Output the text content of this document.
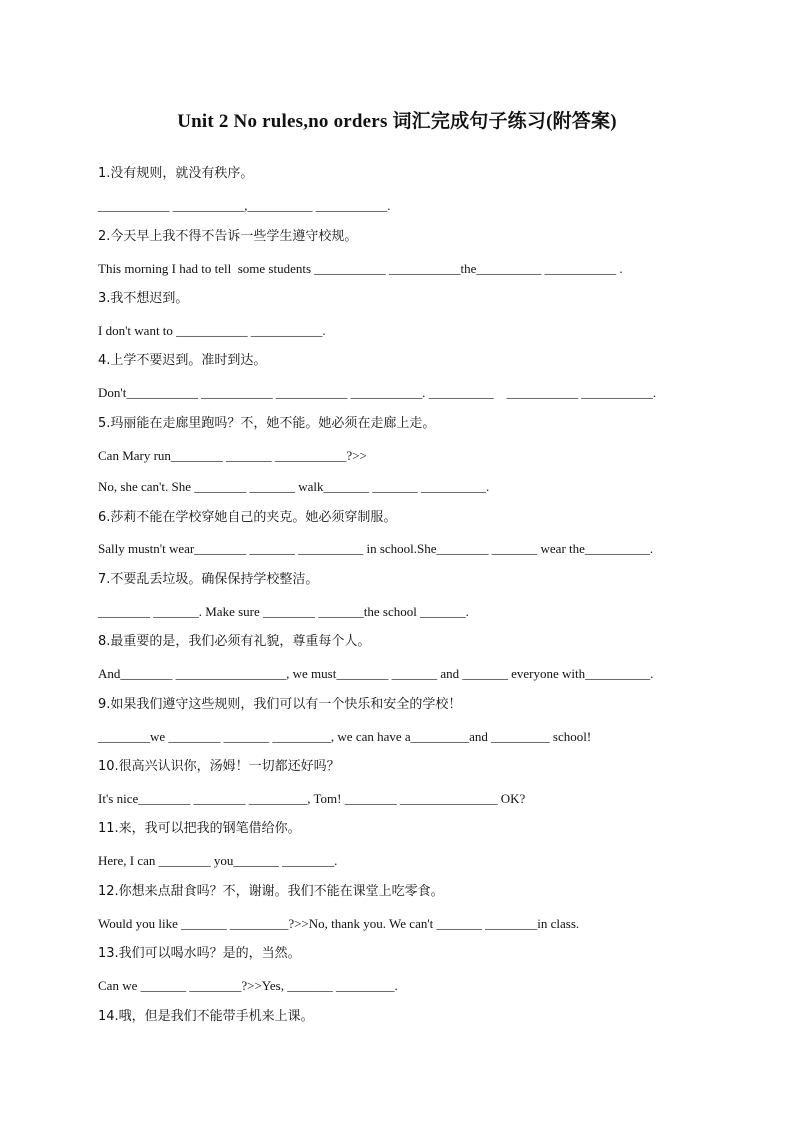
Unit 2 No rules,no orders 词汇完成句子练习(附答案)
1.没有规则，就没有秩序。
___________ ___________,__________ ___________.
2.今天早上我不得不告诉一些学生遵守校规。
This morning I had to tell  some students ___________ ___________the__________ ___________ .
3.我不想迟到。
I don't want to ___________ ___________.
4.上学不要迟到。准时到达。
Don't___________ ___________ ___________ ___________. __________    ___________ ___________.
5.玛丽能在走廊里跑吗？不，她不能。她必须在走廊上走。
Can Mary run________ _______ ___________?>>
No, she can't. She ________ _______ walk_______ _______ __________.
6.莎莉不能在学校穿她自己的夹克。她必须穿制服。
Sally mustn't wear________ _______ __________ in school.She________ _______ wear the__________.
7.不要乱丢垃圾。确保保持学校整洁。
________ _______. Make sure ________ _______the school _______.
8.最重要的是，我们必须有礼貌，尊重每个人。
And________ _________________, we must________ _______ and _______ everyone with__________.
9.如果我们遵守这些规则，我们可以有一个快乐和安全的学校！
________we ________ _______ _________, we can have a_________and _________ school!
10.很高兴认识你，汤姆！一切都还好吗？
It's nice________ ________ _________, Tom! ________ _______________ OK?
11.来，我可以把我的钢笔借给你。
Here, I can ________ you_______ ________.
12.你想来点甜食吗？不，谢谢。我们不能在课堂上吃零食。
Would you like _______ _________?>>No, thank you. We can't _______ ________in class.
13.我们可以喝水吗？是的，当然。
Can we _______ ________?>>Yes, _______ _________.
14.哦，但是我们不能带手机来上课。
